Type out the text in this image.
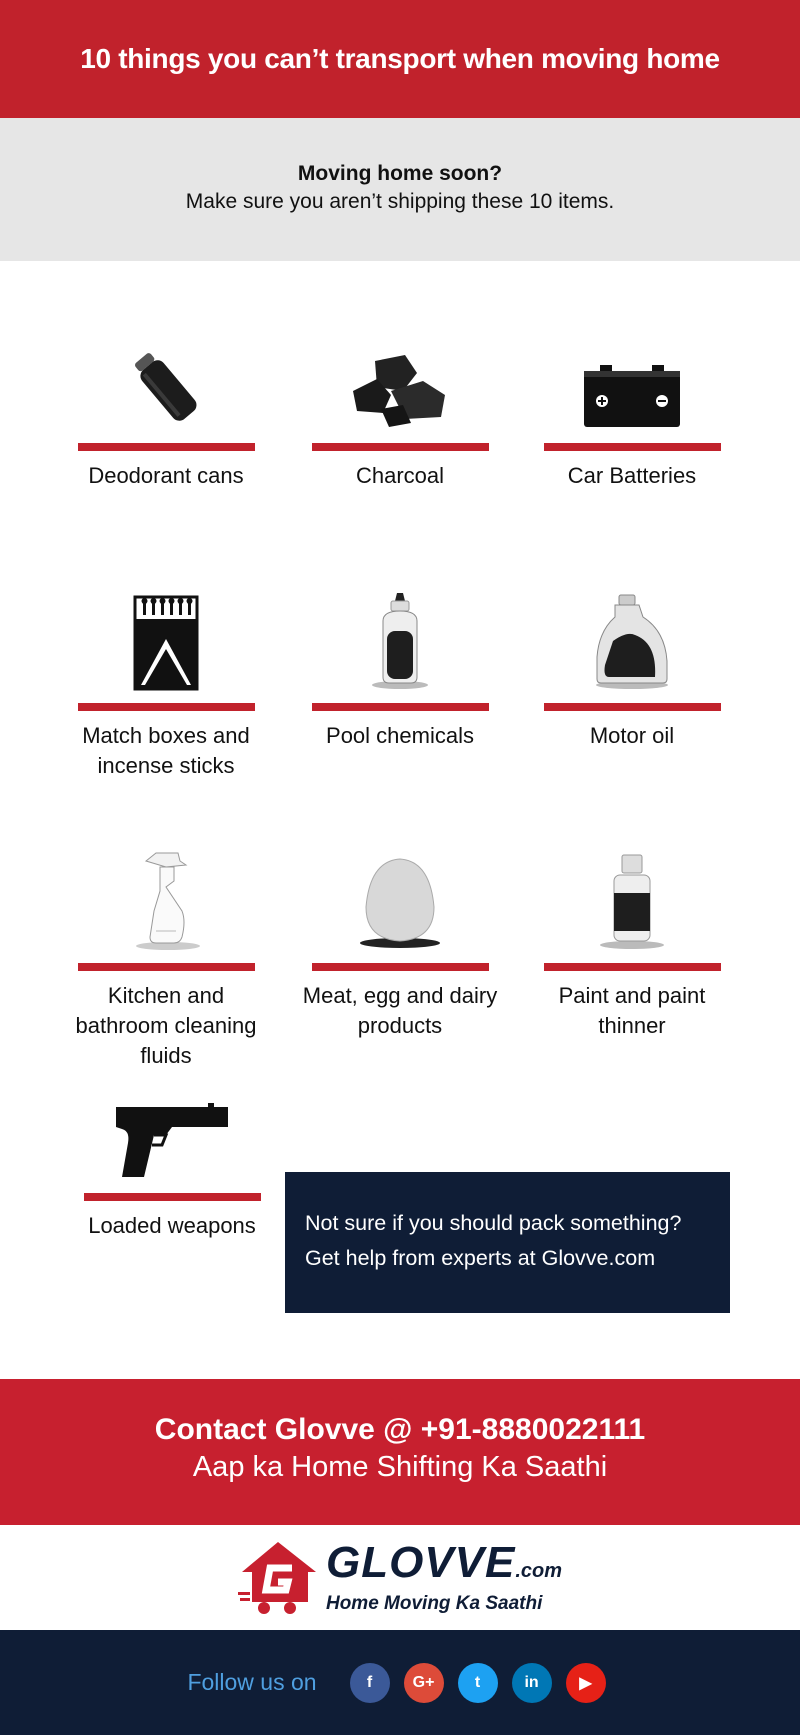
10 things you can’t transport when moving home
Moving home soon?
Make sure you aren’t shipping these 10 items.
Deodorant cans	Charcoal	Car Batteries
Match boxes and incense sticks
Pool chemicals	Motor oil
Kitchen and bathroom cleaning fluids
Meat, egg and dairy products
Paint and paint thinner
Loaded weapons	Not sure if you should pack something?
Get help from experts at Glovve.com
Contact Glovve @ +91-8880022111
Aap ka Home Shifting Ka Saathi
GLOVVE.com
Home Moving Ka Saathi
Follow us on	f	G+	t	in	▶
